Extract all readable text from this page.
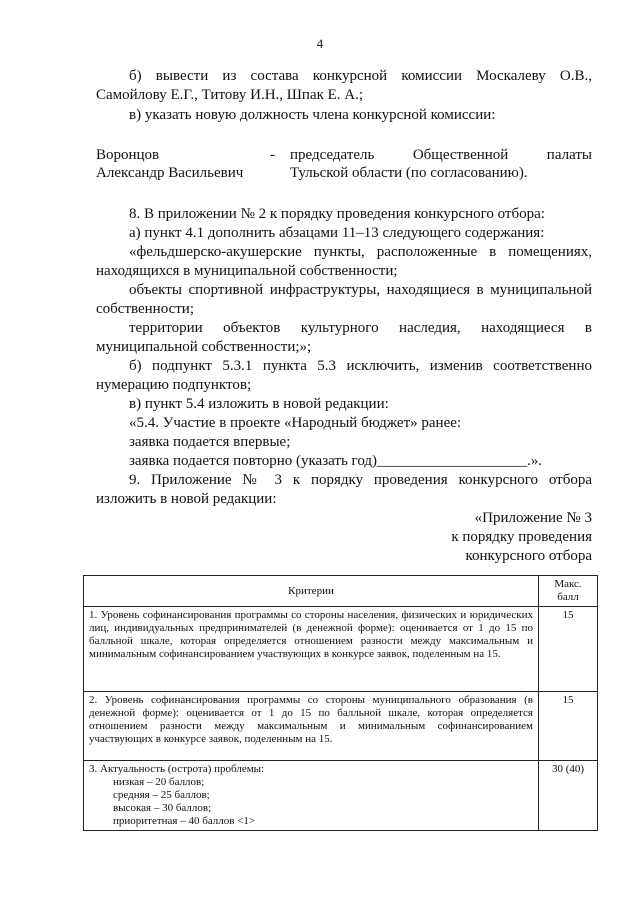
4
б) вывести из состава конкурсной комиссии Москалеву О.В.,
Самойлову Е.Г., Титову И.Н., Шпак Е. А.;
в) указать новую должность члена конкурсной комиссии:
Воронцов
Александр Васильевич
- председатель Общественной палаты
Тульской области (по согласованию).
8. В приложении № 2 к порядку проведения конкурсного отбора:
а) пункт 4.1 дополнить абзацами 11–13 следующего содержания:
«фельдшерско-акушерские пункты, расположенные в помещениях,
находящихся в муниципальной собственности;
объекты спортивной инфраструктуры, находящиеся в муниципальной
собственности;
территории объектов культурного наследия, находящиеся в
муниципальной собственности;»;
б) подпункт 5.3.1 пункта 5.3 исключить, изменив соответственно
нумерацию подпунктов;
в) пункт 5.4 изложить в новой редакции:
«5.4. Участие в проекте «Народный бюджет» ранее:
заявка подается впервые;
заявка подается повторно (указать год)____________________.».
9. Приложение № 3 к порядку проведения конкурсного отбора
изложить в новой редакции:
«Приложение № 3
к порядку проведения
конкурсного отбора
Критерии	Макс.
балл
1. Уровень софинансирования программы со стороны населения, физических и юридических лиц, индивидуальных предпринимателей (в денежной форме): оценивается от 1 до 15 по балльной шкале, которая определяется отношением разности между максимальным и минимальным софинансированием участвующих в конкурсе заявок, поделенным на 15.	15
2. Уровень софинансирования программы со стороны муниципального образования (в денежной форме): оценивается от 1 до 15 по балльной шкале, которая определяется отношением разности между максимальным и минимальным софинансированием участвующих в конкурсе заявок, поделенным на 15.	15
3. Актуальность (острота) проблемы:
низкая – 20 баллов;
средняя – 25 баллов;
высокая – 30 баллов;
приоритетная – 40 баллов <1>	30 (40)
